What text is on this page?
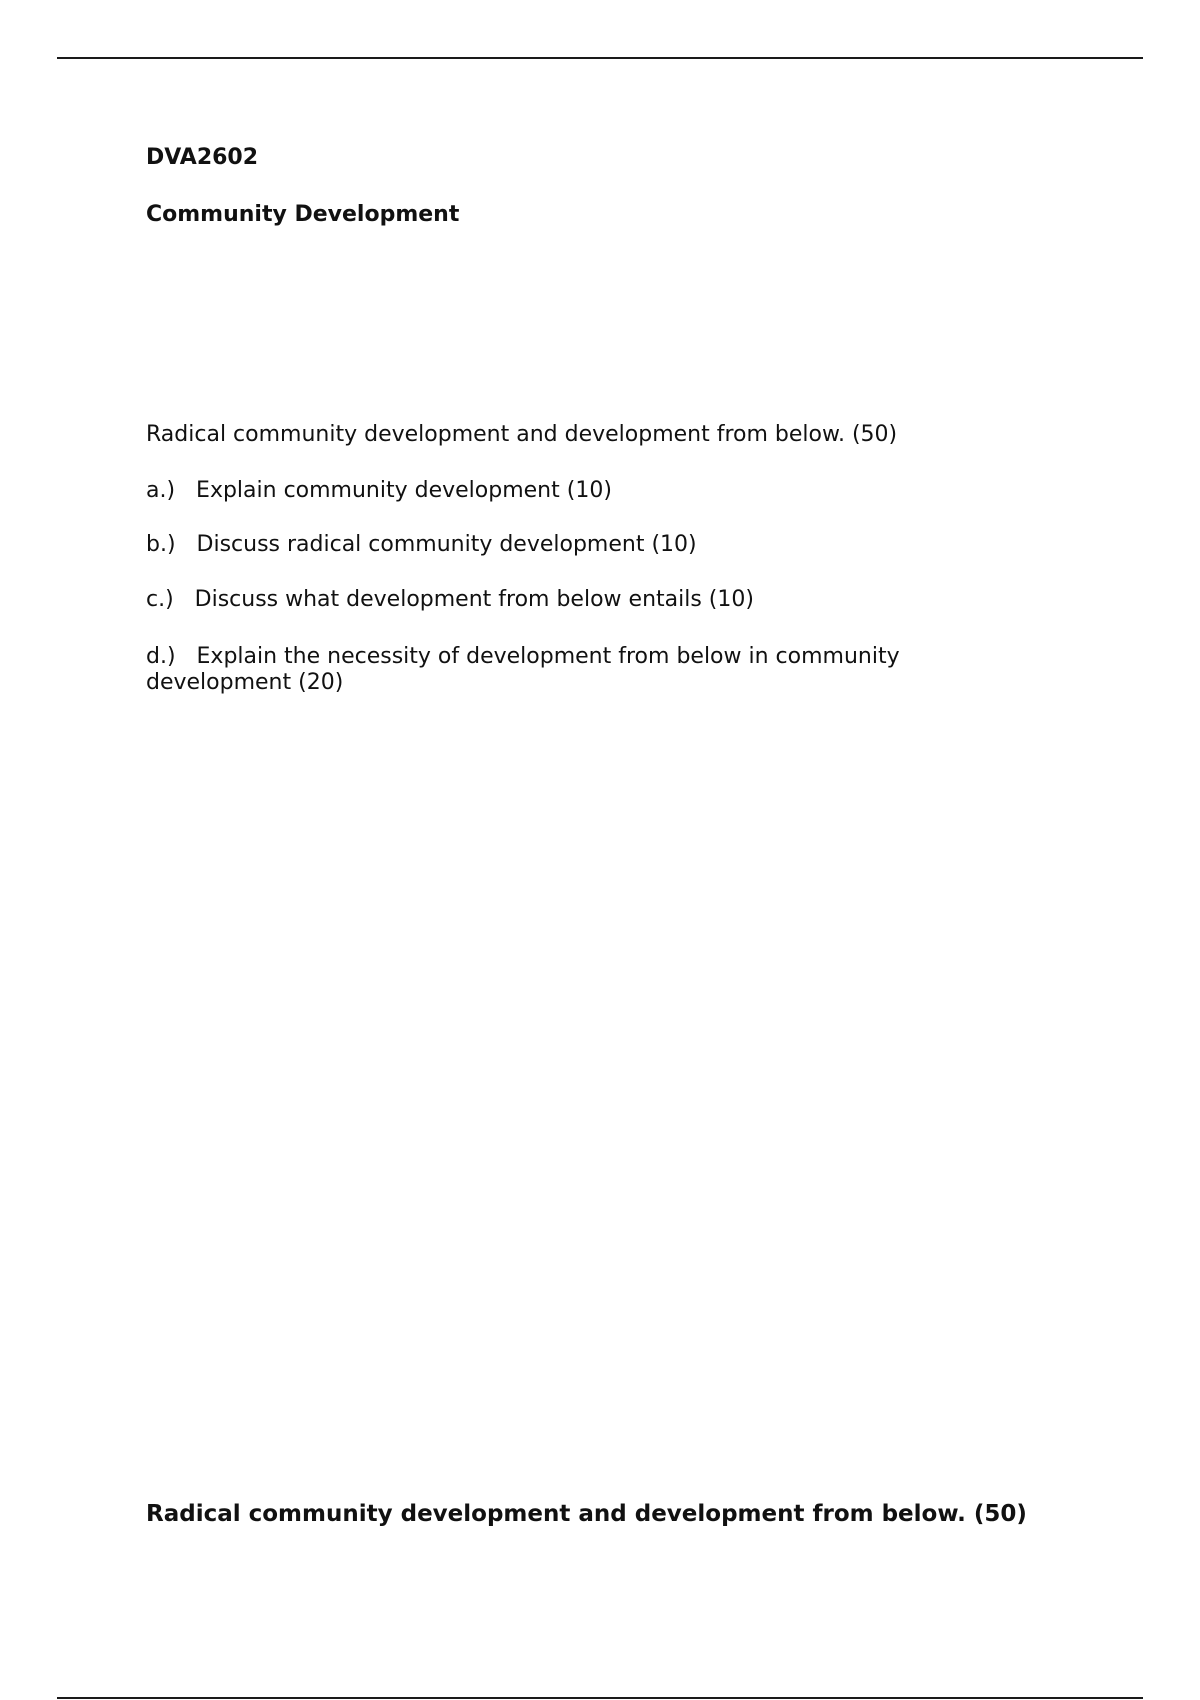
DVA2602
Community Development
Radical community development and development from below. (50)
a.)   Explain community development (10)
b.)   Discuss radical community development (10)
c.)   Discuss what development from below entails (10)
d.)   Explain the necessity of development from below in community development (20)
Radical community development and development from below. (50)
